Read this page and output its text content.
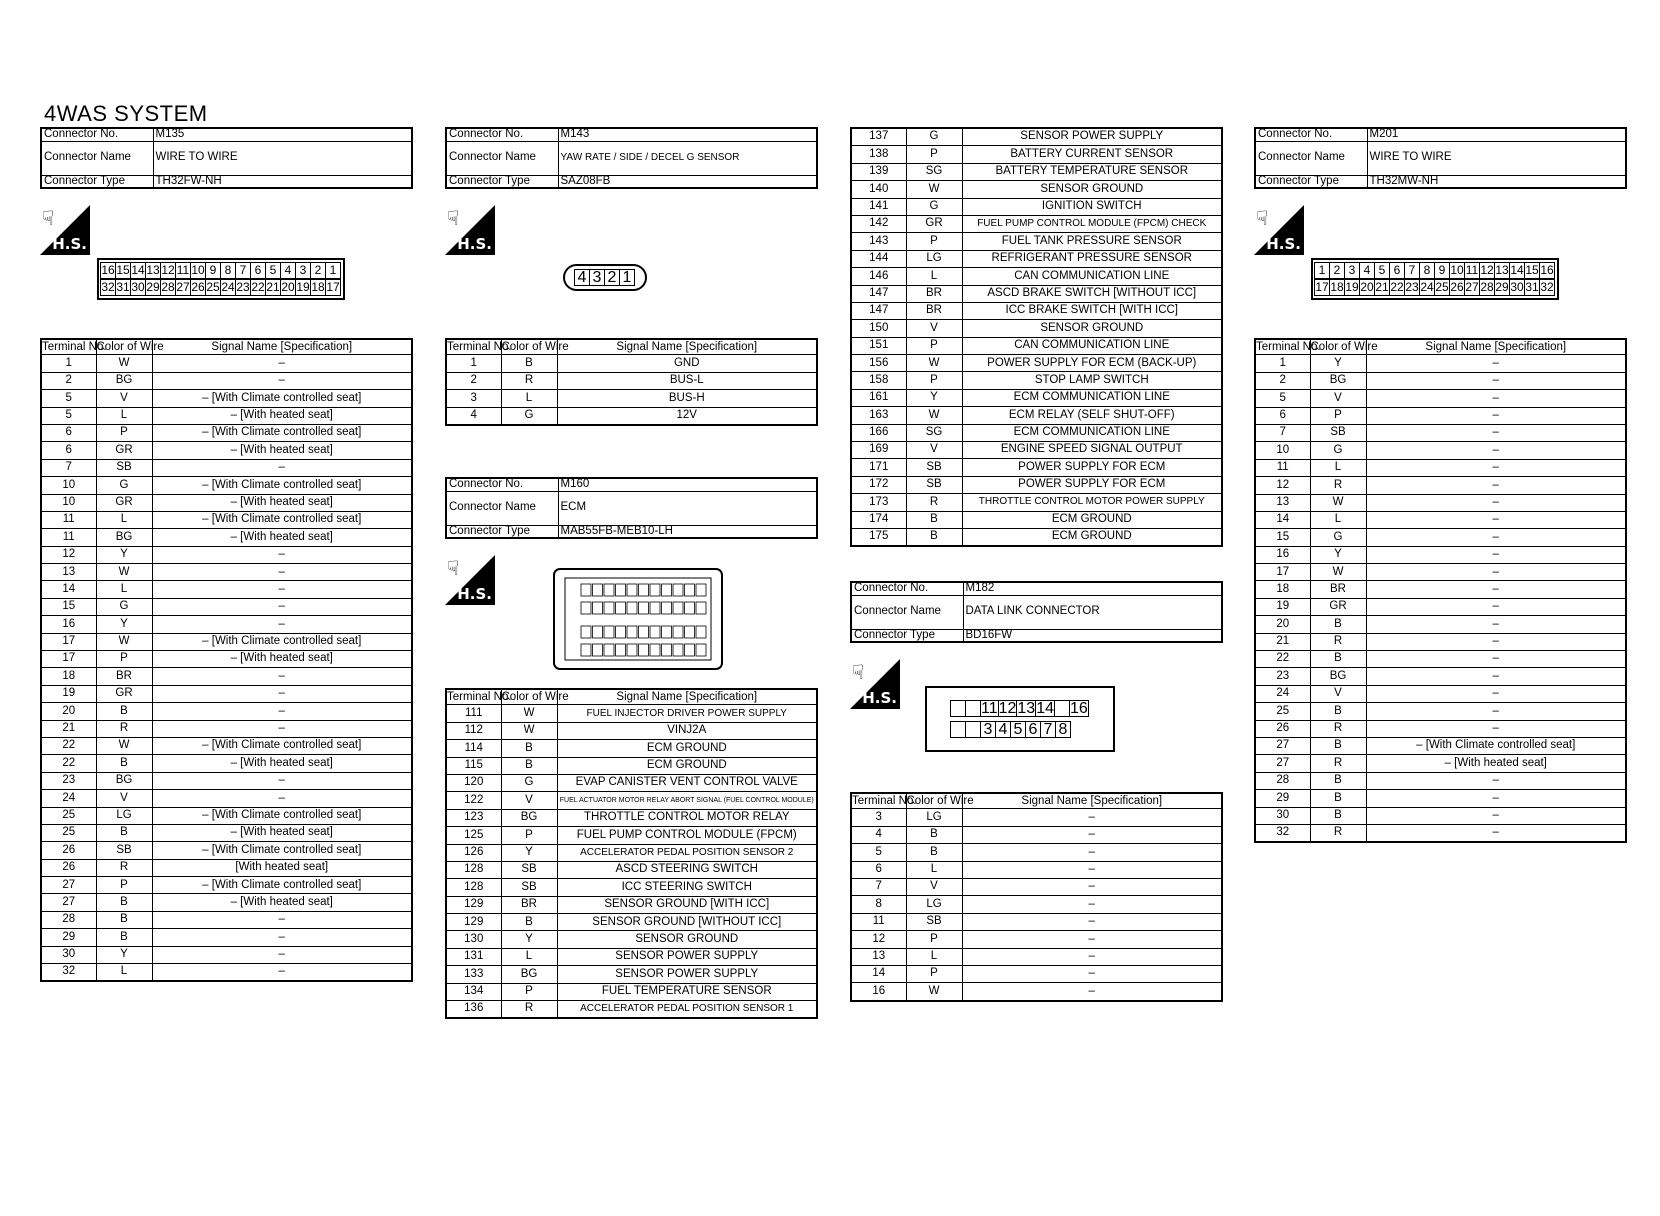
4WAS SYSTEM
Connector No.	M135
Connector Name	WIRE TO WIRE
Connector Type	TH32FW-NH
☟
H.S.
16 15 14 13 12 11 10 9 8 7 6 5 4 3 2 1
32 31 30 29 28 27 26 25 24 23 22 21 20 19 18 17
Terminal No.	Color of Wire	Signal Name [Specification]
1	W	–
2	BG	–
5	V	– [With Climate controlled seat]
5	L	– [With heated seat]
6	P	– [With Climate controlled seat]
6	GR	– [With heated seat]
7	SB	–
10	G	– [With Climate controlled seat]
10	GR	– [With heated seat]
11	L	– [With Climate controlled seat]
11	BG	– [With heated seat]
12	Y	–
13	W	–
14	L	–
15	G	–
16	Y	–
17	W	– [With Climate controlled seat]
17	P	– [With heated seat]
18	BR	–
19	GR	–
20	B	–
21	R	–
22	W	– [With Climate controlled seat]
22	B	– [With heated seat]
23	BG	–
24	V	–
25	LG	– [With Climate controlled seat]
25	B	– [With heated seat]
26	SB	– [With Climate controlled seat]
26	R	[With heated seat]
27	P	– [With Climate controlled seat]
27	B	– [With heated seat]
28	B	–
29	B	–
30	Y	–
32	L	–
Connector No.	M143
Connector Name	YAW RATE / SIDE / DECEL G SENSOR
Connector Type	SAZ08FB
☟
H.S.
4 3 2 1
Terminal No.	Color of Wire	Signal Name [Specification]
1	B	GND
2	R	BUS-L
3	L	BUS-H
4	G	12V
Connector No.	M160
Connector Name	ECM
Connector Type	MAB55FB-MEB10-LH
☟
H.S.
Terminal No.	Color of Wire	Signal Name [Specification]
111	W	FUEL INJECTOR DRIVER POWER SUPPLY
112	W	VINJ2A
114	B	ECM GROUND
115	B	ECM GROUND
120	G	EVAP CANISTER VENT CONTROL VALVE
122	V	FUEL ACTUATOR MOTOR RELAY ABORT SIGNAL (FUEL CONTROL MODULE)
123	BG	THROTTLE CONTROL MOTOR RELAY
125	P	FUEL PUMP CONTROL MODULE (FPCM)
126	Y	ACCELERATOR PEDAL POSITION SENSOR 2
128	SB	ASCD STEERING SWITCH
128	SB	ICC STEERING SWITCH
129	BR	SENSOR GROUND [WITH ICC]
129	B	SENSOR GROUND [WITHOUT ICC]
130	Y	SENSOR GROUND
131	L	SENSOR POWER SUPPLY
133	BG	SENSOR POWER SUPPLY
134	P	FUEL TEMPERATURE SENSOR
136	R	ACCELERATOR PEDAL POSITION SENSOR 1
137	G	SENSOR POWER SUPPLY
138	P	BATTERY CURRENT SENSOR
139	SG	BATTERY TEMPERATURE SENSOR
140	W	SENSOR GROUND
141	G	IGNITION SWITCH
142	GR	FUEL PUMP CONTROL MODULE (FPCM) CHECK
143	P	FUEL TANK PRESSURE SENSOR
144	LG	REFRIGERANT PRESSURE SENSOR
146	L	CAN COMMUNICATION LINE
147	BR	ASCD BRAKE SWITCH [WITHOUT ICC]
147	BR	ICC BRAKE SWITCH [WITH ICC]
150	V	SENSOR GROUND
151	P	CAN COMMUNICATION LINE
156	W	POWER SUPPLY FOR ECM (BACK-UP)
158	P	STOP LAMP SWITCH
161	Y	ECM COMMUNICATION LINE
163	W	ECM RELAY (SELF SHUT-OFF)
166	SG	ECM COMMUNICATION LINE
169	V	ENGINE SPEED SIGNAL OUTPUT
171	SB	POWER SUPPLY FOR ECM
172	SB	POWER SUPPLY FOR ECM
173	R	THROTTLE CONTROL MOTOR POWER SUPPLY
174	B	ECM GROUND
175	B	ECM GROUND
Connector No.	M182
Connector Name	DATA LINK CONNECTOR
Connector Type	BD16FW
☟
H.S.
11 12 13 14 16
3 4 5 6 7 8
Terminal No.	Color of Wire	Signal Name [Specification]
3	LG	–
4	B	–
5	B	–
6	L	–
7	V	–
8	LG	–
11	SB	–
12	P	–
13	L	–
14	P	–
16	W	–
Connector No.	M201
Connector Name	WIRE TO WIRE
Connector Type	TH32MW-NH
☟
H.S.
1 2 3 4 5 6 7 8 9 10 11 12 13 14 15 16
17 18 19 20 21 22 23 24 25 26 27 28 29 30 31 32
Terminal No.	Color of Wire	Signal Name [Specification]
1	Y	–
2	BG	–
5	V	–
6	P	–
7	SB	–
10	G	–
11	L	–
12	R	–
13	W	–
14	L	–
15	G	–
16	Y	–
17	W	–
18	BR	–
19	GR	–
20	B	–
21	R	–
22	B	–
23	BG	–
24	V	–
25	B	–
26	R	–
27	B	– [With Climate controlled seat]
27	R	– [With heated seat]
28	B	–
29	B	–
30	B	–
32	R	–
